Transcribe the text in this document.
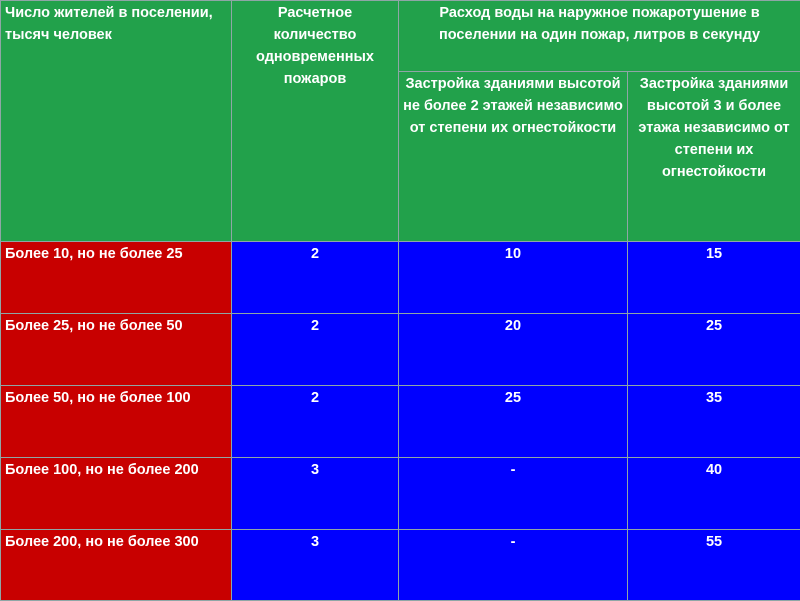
Число жителей в поселении, тысяч человек	Расчетное количество одновременных пожаров	Расход воды на наружное пожаротушение в поселении на один пожар, литров в секунду	
		Застройка зданиями высотой не более 2 этажей независимо от степени их огнестойкости	Застройка зданиями высотой 3 и более этажа независимо от степени их огнестойкости
Более 10, но не более 25	2	10	15
Более 25, но не более 50	2	20	25
Более 50, но не более 100	2	25	35
Более 100, но не более 200	3	-	40
Более 200, но не более 300	3	-	55
